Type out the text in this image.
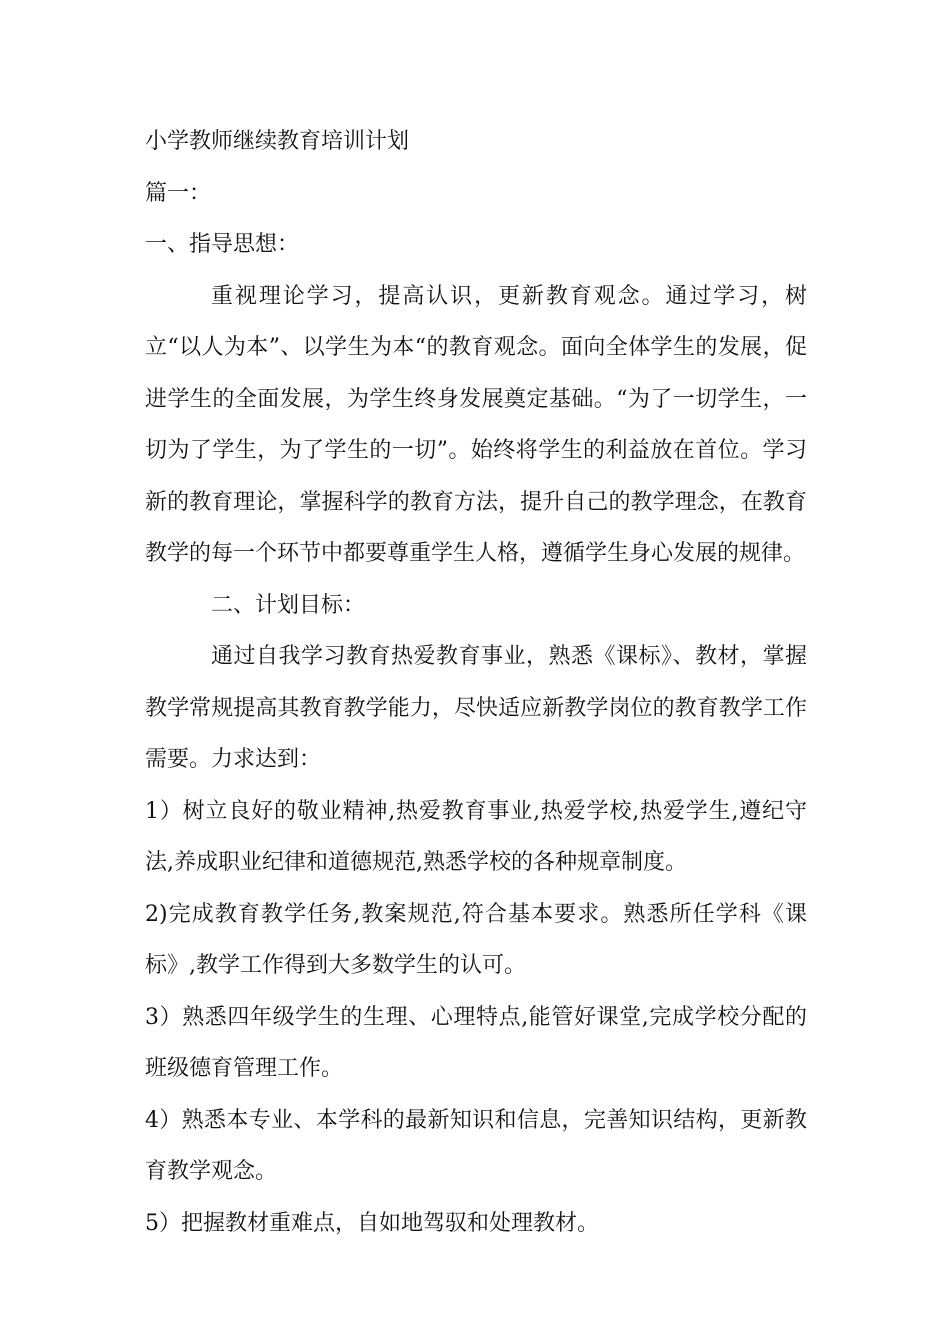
小学教师继续教育培训计划

篇一：

一、指导思想：

重视理论学习，提高认识，更新教育观念。通过学习，树立“以人为本”、以学生为本“的教育观念。面向全体学生的发展，促进学生的全面发展，为学生终身发展奠定基础。“为了一切学生，一切为了学生，为了学生的一切”。始终将学生的利益放在首位。学习新的教育理论，掌握科学的教育方法，提升自己的教学理念，在教育教学的每一个环节中都要尊重学生人格，遵循学生身心发展的规律。

二、计划目标：

通过自我学习教育热爱教育事业，熟悉《课标》、教材，掌握教学常规提高其教育教学能力，尽快适应新教学岗位的教育教学工作需要。力求达到：

1）树立良好的敬业精神,热爱教育事业,热爱学校,热爱学生,遵纪守法,养成职业纪律和道德规范,熟悉学校的各种规章制度。

2)完成教育教学任务,教案规范,符合基本要求。熟悉所任学科《课标》,教学工作得到大多数学生的认可。

3）熟悉四年级学生的生理、心理特点,能管好课堂,完成学校分配的班级德育管理工作。

4）熟悉本专业、本学科的最新知识和信息，完善知识结构，更新教育教学观念。

5）把握教材重难点，自如地驾驭和处理教材。
